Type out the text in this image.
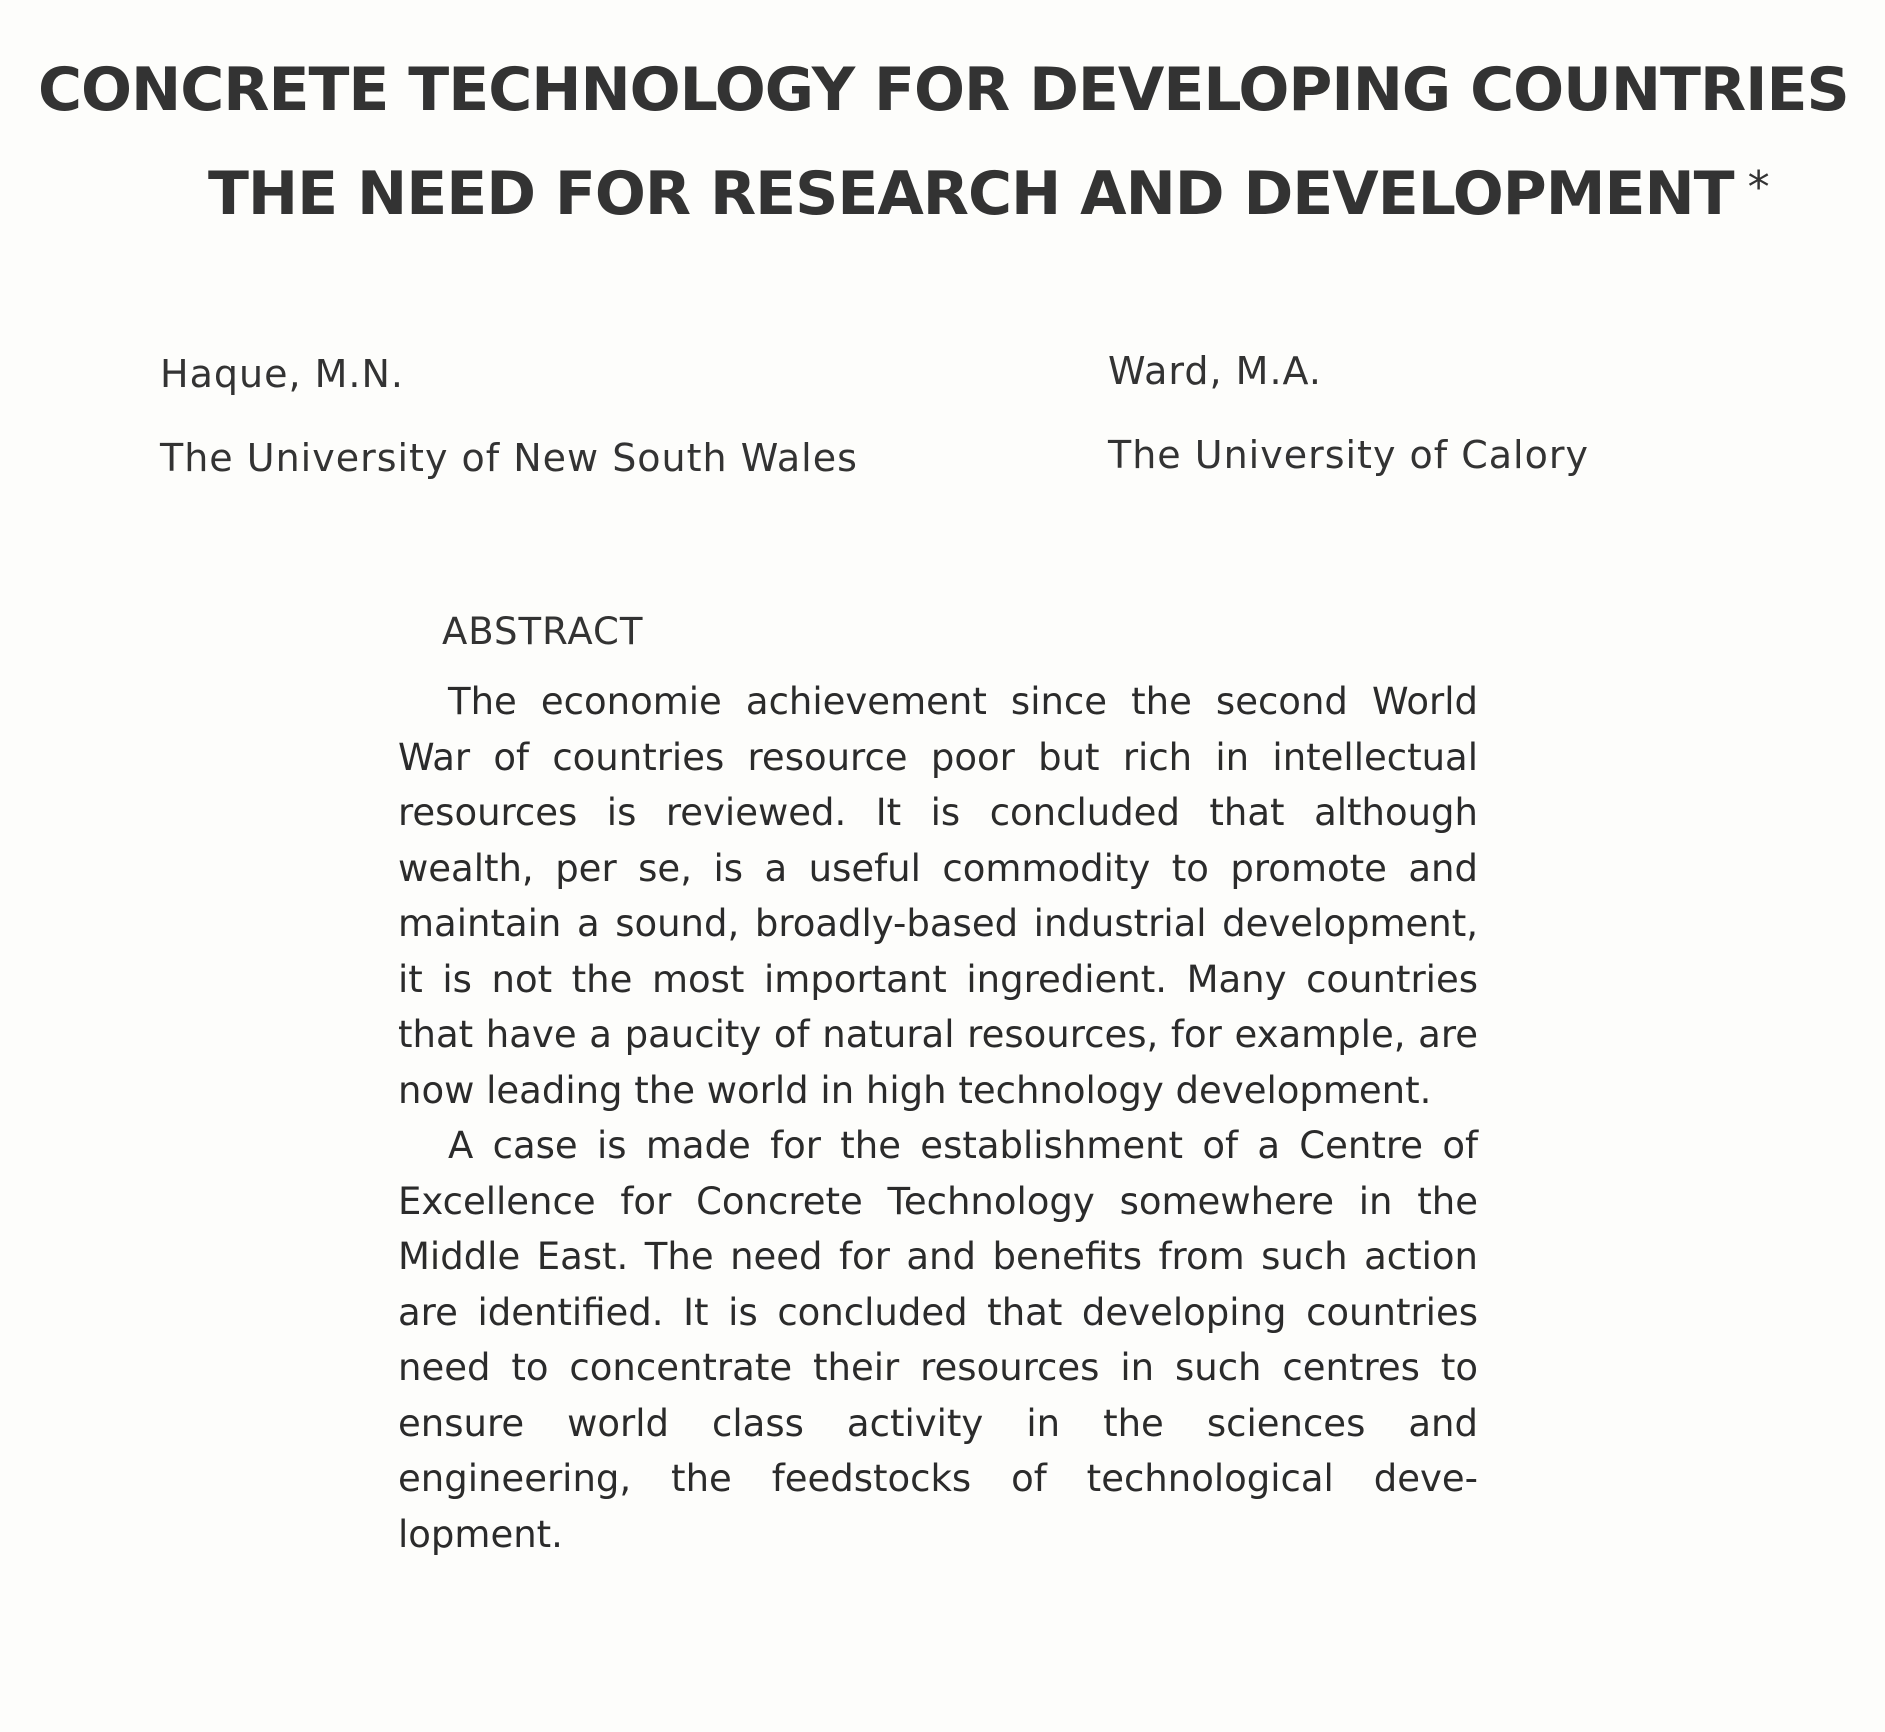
CONCRETE TECHNOLOGY FOR DEVELOPING COUNTRIES
THE NEED FOR RESEARCH AND DEVELOPMENT *
Haque, M.N.
The University of New South Wales
Ward, M.A.
The University of Calory
ABSTRACT

The economie achievement since the second World War of countries resource poor but rich in intellectual resources is reviewed. It is concluded that although wealth, per se, is a useful commodity to promote and maintain a sound, broadly-based industrial development, it is not the most important ingredient. Many countries that have a paucity of natural resources, for example, are now leading the world in high technology development.

A case is made for the establishment of a Centre of Excellence for Concrete Technology somewhere in the Middle East. The need for and benefits from such action are identified. It is concluded that developing countries need to concentrate their resources in such centres to ensure world class activity in the sciences and engineering, the feedstocks of technological development.
